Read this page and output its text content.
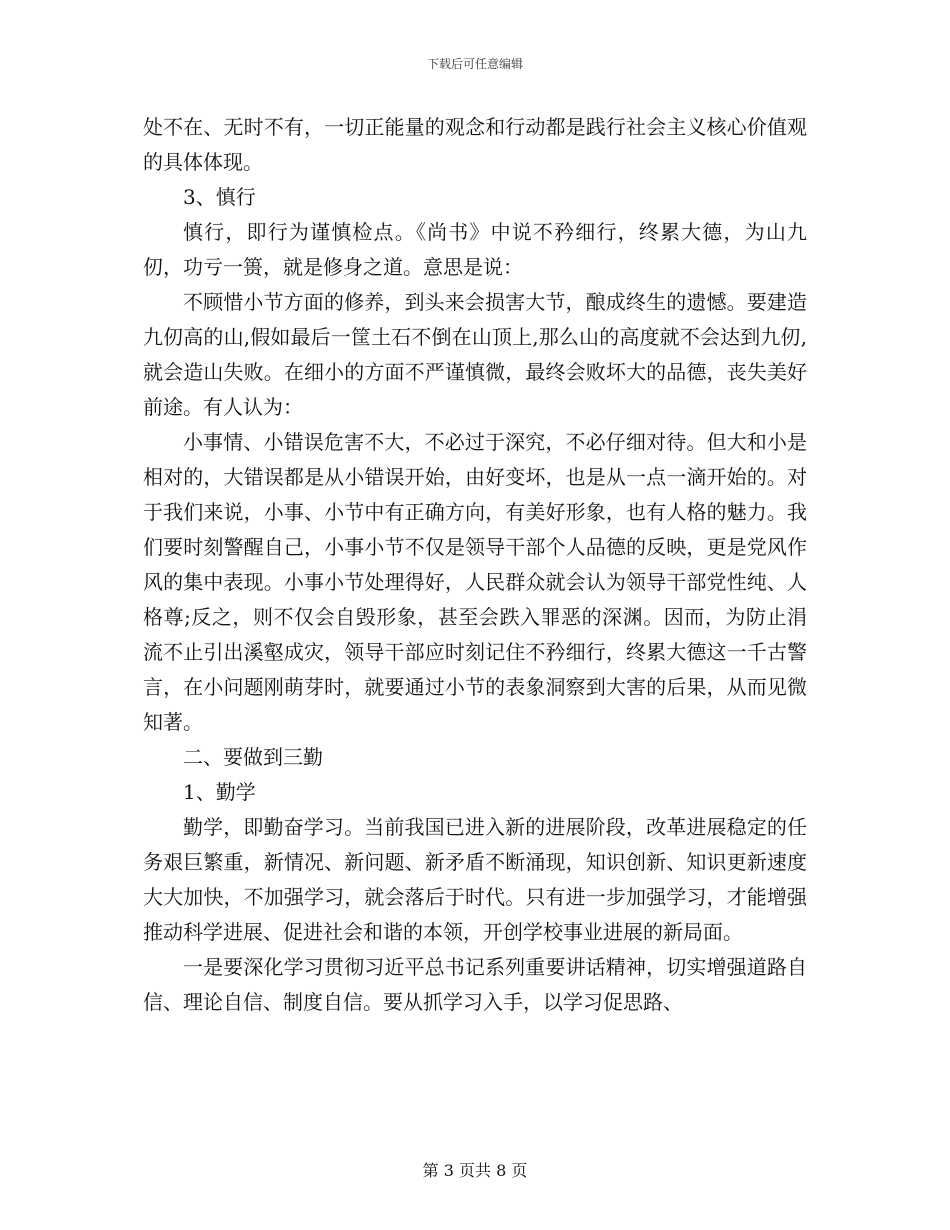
下载后可任意编辑

处不在、无时不有，一切正能量的观念和行动都是践行社会主义核心价值观的具体体现。

3、慎行

慎行，即行为谨慎检点。《尚书》中说不矜细行，终累大德，为山九仞，功亏一篑，就是修身之道。意思是说：

不顾惜小节方面的修养，到头来会损害大节，酿成终生的遗憾。要建造九仞高的山,假如最后一筐土石不倒在山顶上,那么山的高度就不会达到九仞,就会造山失败。在细小的方面不严谨慎微，最终会败坏大的品德，丧失美好前途。有人认为：

小事情、小错误危害不大，不必过于深究，不必仔细对待。但大和小是相对的，大错误都是从小错误开始，由好变坏，也是从一点一滴开始的。对于我们来说，小事、小节中有正确方向，有美好形象，也有人格的魅力。我们要时刻警醒自己，小事小节不仅是领导干部个人品德的反映，更是党风作风的集中表现。小事小节处理得好，人民群众就会认为领导干部党性纯、人格尊;反之，则不仅会自毁形象，甚至会跌入罪恶的深渊。因而，为防止涓流不止引出溪壑成灾，领导干部应时刻记住不矜细行，终累大德这一千古警言，在小问题刚萌芽时，就要通过小节的表象洞察到大害的后果，从而见微知著。

二、要做到三勤

1、勤学

勤学，即勤奋学习。当前我国已进入新的进展阶段，改革进展稳定的任务艰巨繁重，新情况、新问题、新矛盾不断涌现，知识创新、知识更新速度大大加快，不加强学习，就会落后于时代。只有进一步加强学习，才能增强推动科学进展、促进社会和谐的本领，开创学校事业进展的新局面。

一是要深化学习贯彻习近平总书记系列重要讲话精神，切实增强道路自信、理论自信、制度自信。要从抓学习入手，以学习促思路、

第 3 页共 8 页
